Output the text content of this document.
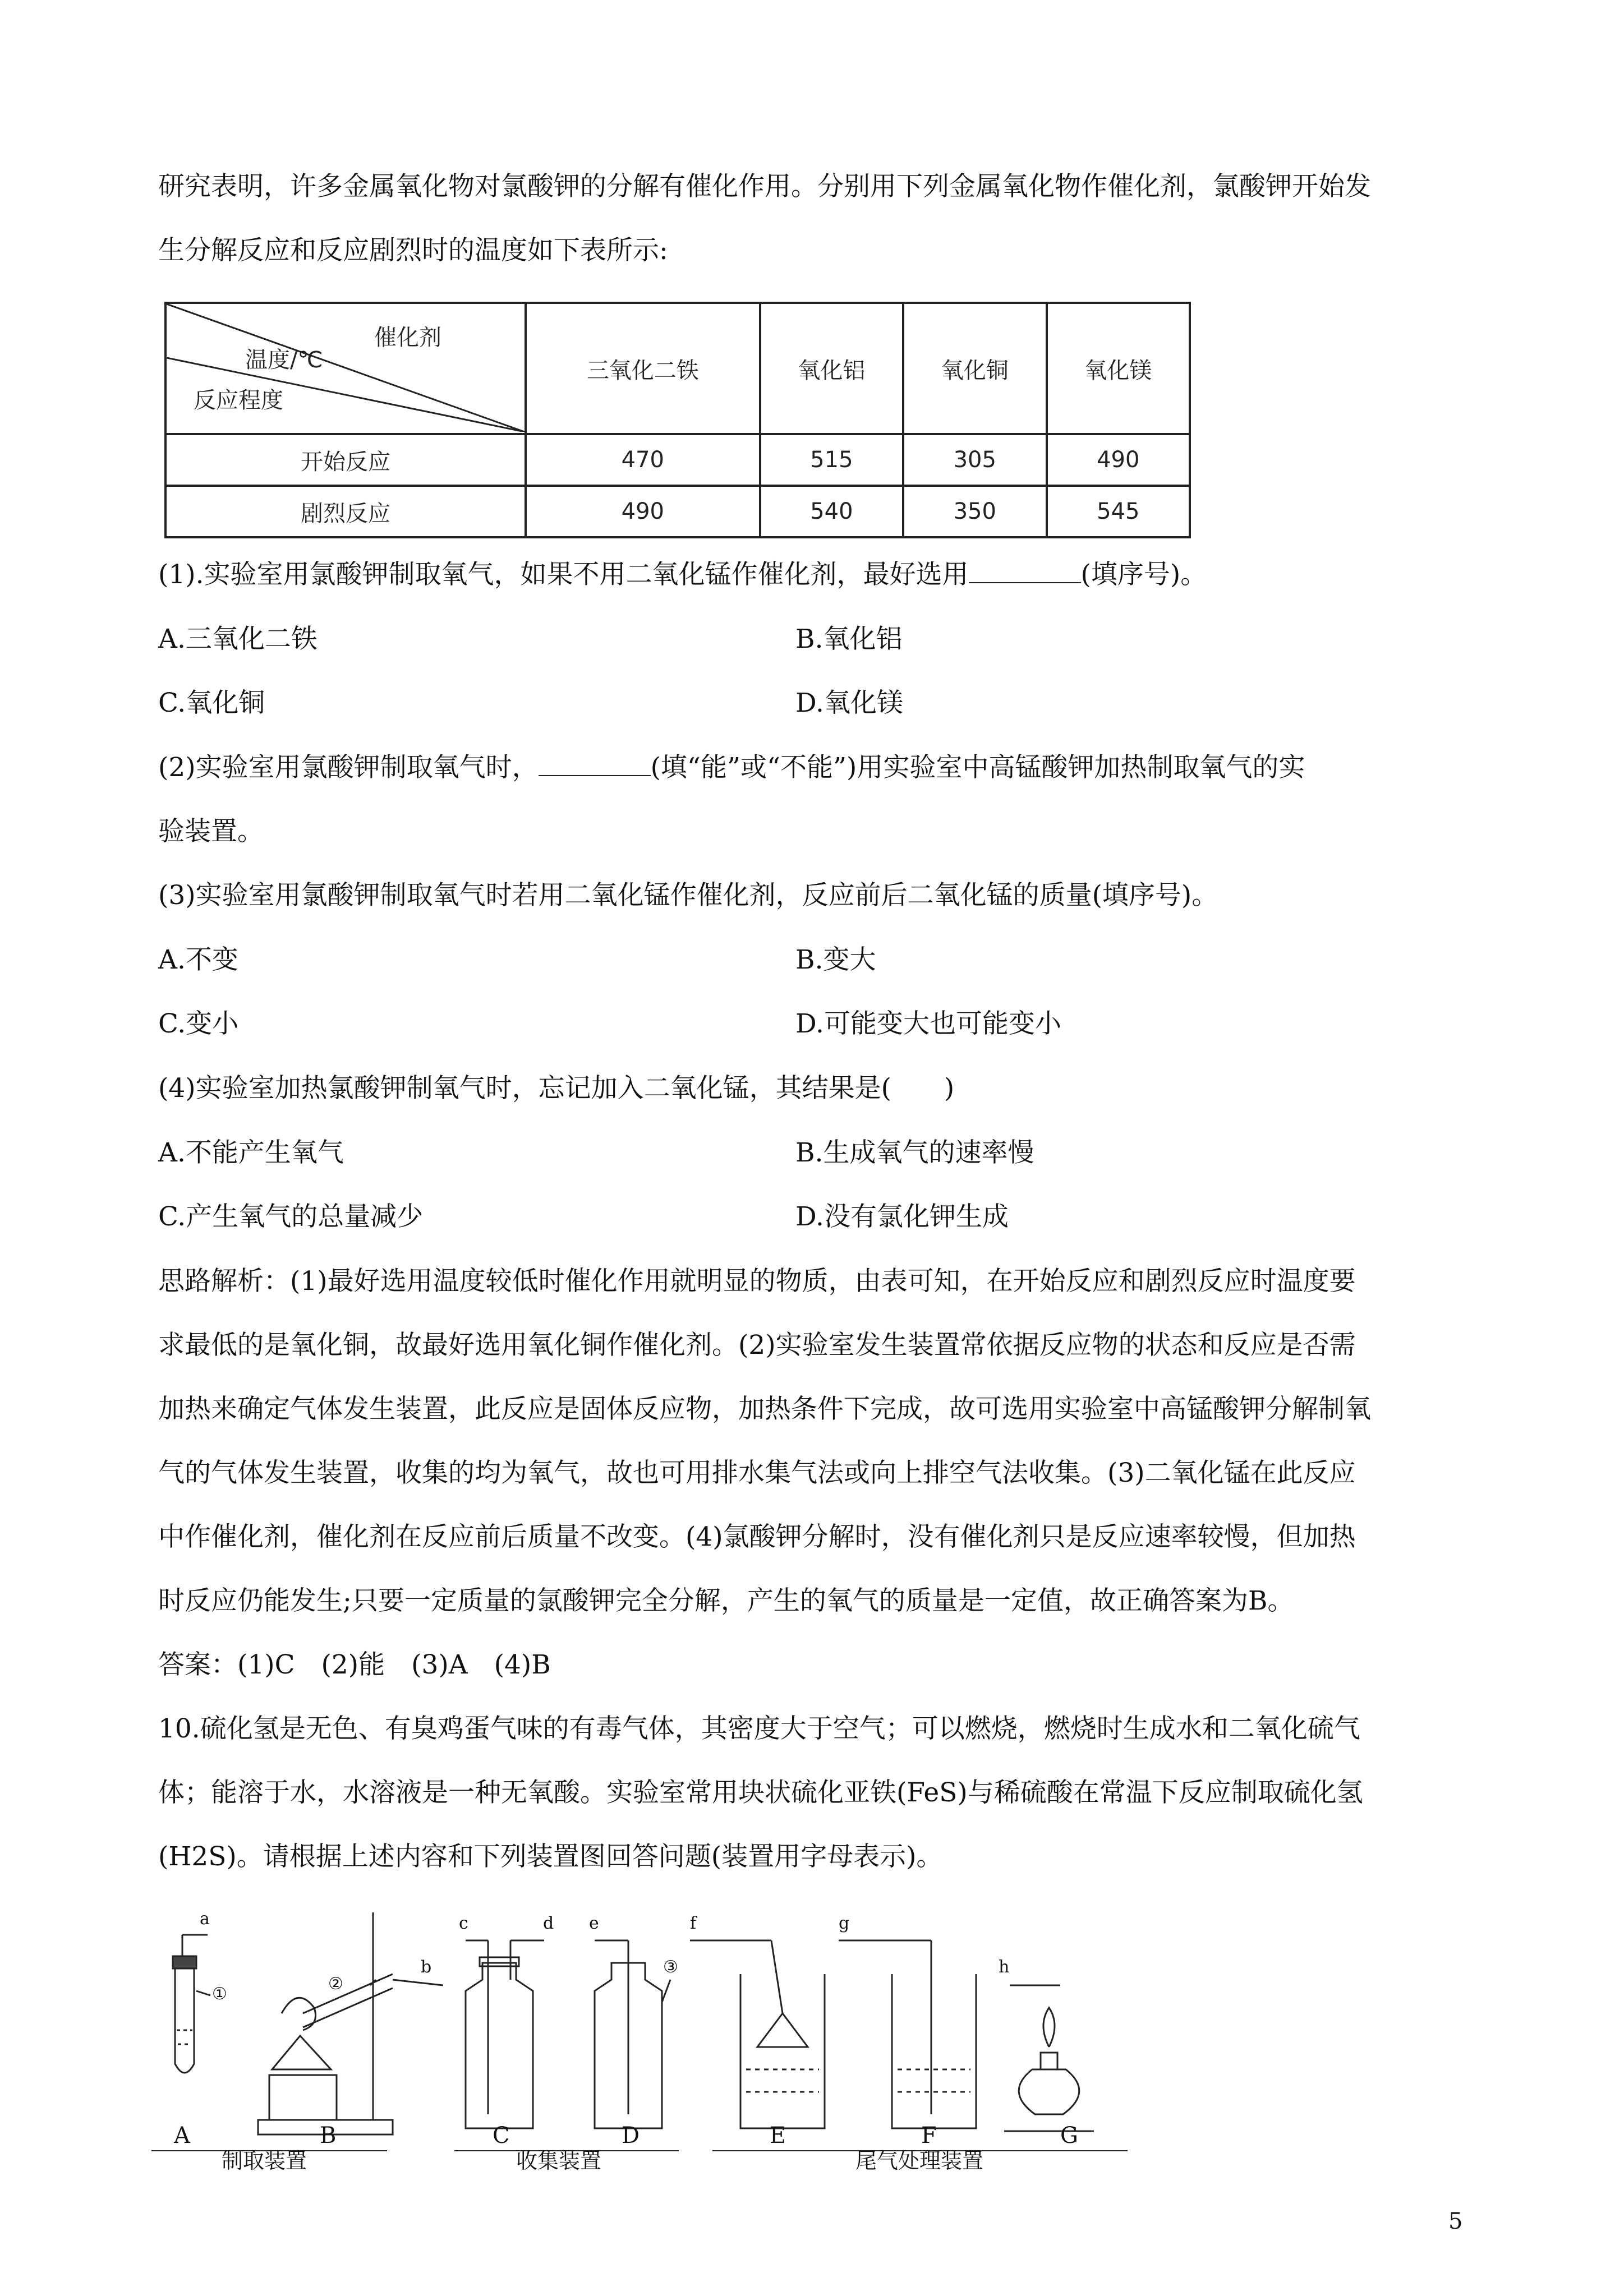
研究表明，许多金属氧化物对氯酸钾的分解有催化作用。分别用下列金属氧化物作催化剂，氯酸钾开始发
生分解反应和反应剧烈时的温度如下表所示:
催化剂
温度/℃
反应程度	三氧化二铁	氧化铝	氧化铜	氧化镁
开始反应	470	515	305	490
剧烈反应	490	540	350	545
(1).实验室用氯酸钾制取氧气，如果不用二氧化锰作催化剂，最好选用	(填序号)。
A.三氧化二铁	B.氧化铝
C.氧化铜	D.氧化镁
(2)实验室用氯酸钾制取氧气时，	(填“能”或“不能”)用实验室中高锰酸钾加热制取氧气的实
验装置。
(3)实验室用氯酸钾制取氧气时若用二氧化锰作催化剂，反应前后二氧化锰的质量(填序号)。
A.不变	B.变大
C.变小	D.可能变大也可能变小
(4)实验室加热氯酸钾制氧气时，忘记加入二氧化锰，其结果是(　　)
A.不能产生氧气	B.生成氧气的速率慢
C.产生氧气的总量减少	D.没有氯化钾生成
思路解析：(1)最好选用温度较低时催化作用就明显的物质，由表可知，在开始反应和剧烈反应时温度要
求最低的是氧化铜，故最好选用氧化铜作催化剂。(2)实验室发生装置常依据反应物的状态和反应是否需
加热来确定气体发生装置，此反应是固体反应物，加热条件下完成，故可选用实验室中高锰酸钾分解制氧
气的气体发生装置，收集的均为氧气，故也可用排水集气法或向上排空气法收集。(3)二氧化锰在此反应
中作催化剂，催化剂在反应前后质量不改变。(4)氯酸钾分解时，没有催化剂只是反应速率较慢，但加热
时反应仍能发生;只要一定质量的氯酸钾完全分解，产生的氧气的质量是一定值，故正确答案为B。
答案：(1)C　(2)能　(3)A　(4)B
10.硫化氢是无色、有臭鸡蛋气味的有毒气体，其密度大于空气；可以燃烧，燃烧时生成水和二氧化硫气
体；能溶于水，水溶液是一种无氧酸。实验室常用块状硫化亚铁(FeS)与稀硫酸在常温下反应制取硫化氢
(H2S)。请根据上述内容和下列装置图回答问题(装置用字母表示)。
a
b
c	d e	f	g
h
①
②
③
A	B	C	D	E	F	G
制取装置	收集装置	尾气处理装置
5
